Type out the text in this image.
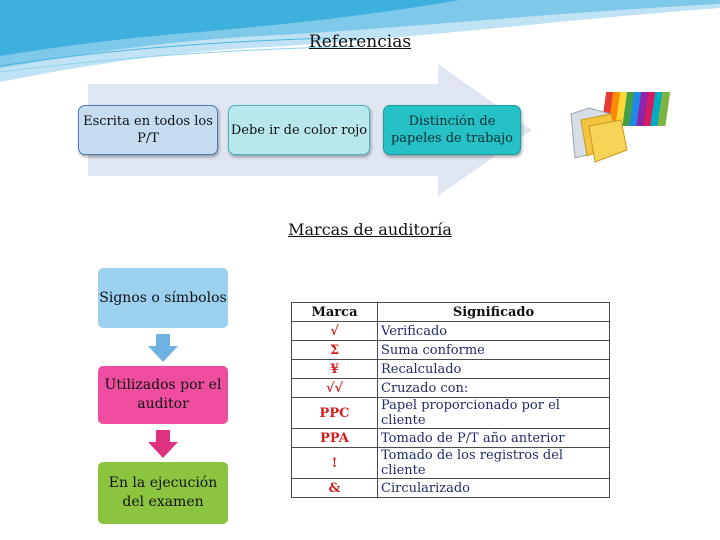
Referencias
Escrita en todos los P/T
Debe ir de color rojo
Distinción de papeles de trabajo
Marcas de auditoría
Signos o símbolos
Utilizados por el auditor
En la ejecución del examen
Marca	Significado
√	Verificado
Ʃ	Suma conforme
¥	Recalculado
√√	Cruzado con:
PPC	Papel proporcionado por el cliente
PPA	Tomado de P/T año anterior
!	Tomado de los registros del cliente
&	Circularizado
